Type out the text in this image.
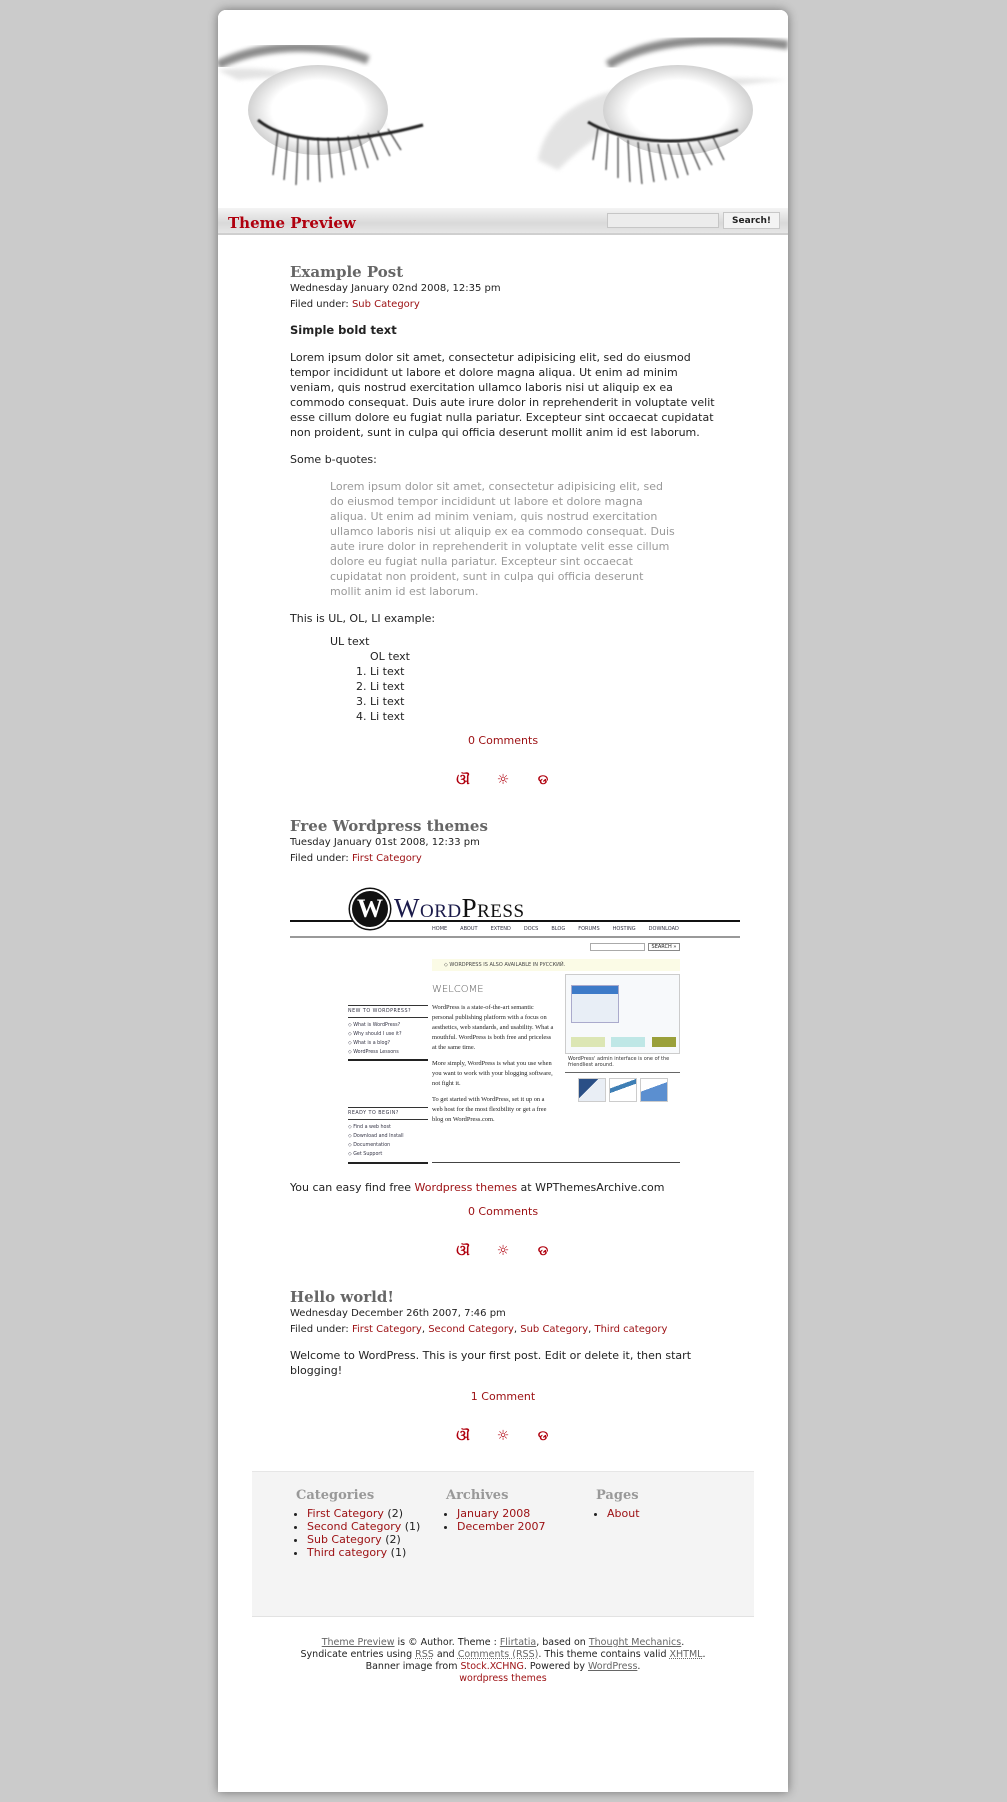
Theme Preview	Search!
Example Post
Wednesday January 02nd 2008, 12:35 pm
Filed under: Sub Category

Simple bold text

Lorem ipsum dolor sit amet, consectetur adipisicing elit, sed do eiusmod tempor incididunt ut labore et dolore magna aliqua. Ut enim ad minim veniam, quis nostrud exercitation ullamco laboris nisi ut aliquip ex ea commodo consequat. Duis aute irure dolor in reprehenderit in voluptate velit esse cillum dolore eu fugiat nulla pariatur. Excepteur sint occaecat cupidatat non proident, sunt in culpa qui officia deserunt mollit anim id est laborum.

Some b-quotes:

Lorem ipsum dolor sit amet, consectetur adipisicing elit, sed do eiusmod tempor incididunt ut labore et dolore magna aliqua. Ut enim ad minim veniam, quis nostrud exercitation ullamco laboris nisi ut aliquip ex ea commodo consequat. Duis aute irure dolor in reprehenderit in voluptate velit esse cillum dolore eu fugiat nulla pariatur. Excepteur sint occaecat cupidatat non proident, sunt in culpa qui officia deserunt mollit anim id est laborum.

This is UL, OL, LI example:

UL text
OL text
1. Li text
2. Li text
3. Li text
4. Li text
0 Comments
ଔ ☼ ଡ
Free Wordpress themes
Tuesday January 01st 2008, 12:33 pm
Filed under: First Category
W WordPress
HOME	ABOUT	EXTEND	DOCS	BLOG	FORUMS	HOSTING	DOWNLOAD
SEARCH »
◇ WORDPRESS IS ALSO AVAILABLE IN РУССКИЙ.
WELCOME

WordPress is a state-of-the-art semantic personal publishing platform with a focus on aesthetics, web standards, and usability. What a mouthful. WordPress is both free and priceless at the same time.

More simply, WordPress is what you use when you want to work with your blogging software, not fight it.

To get started with WordPress, set it up on a web host for the most flexibility or get a free blog on WordPress.com.

NEW TO WORDPRESS?
◇ What is WordPress?
◇ Why should I use it?
◇ What is a blog?
◇ WordPress Lessons
READY TO BEGIN?
◇ Find a web host
◇ Download and Install
◇ Documentation
◇ Get Support
WordPress' admin interface is one of the friendliest around.

You can easy find free Wordpress themes at WPThemesArchive.com

0 Comments
ଔ ☼ ଡ
Hello world!
Wednesday December 26th 2007, 7:46 pm
Filed under: First Category, Second Category, Sub Category, Third category

Welcome to WordPress. This is your first post. Edit or delete it, then start blogging!

1 Comment
ଔ ☼ ଡ
Categories
• First Category (2)
• Second Category (1)
• Sub Category (2)
• Third category (1)
Archives
• January 2008
• December 2007
Pages
• About
Theme Preview is © Author. Theme : Flirtatia, based on Thought Mechanics.
Syndicate entries using RSS and Comments (RSS). This theme contains valid XHTML.
Banner image from Stock.XCHNG. Powered by WordPress.
wordpress themes
